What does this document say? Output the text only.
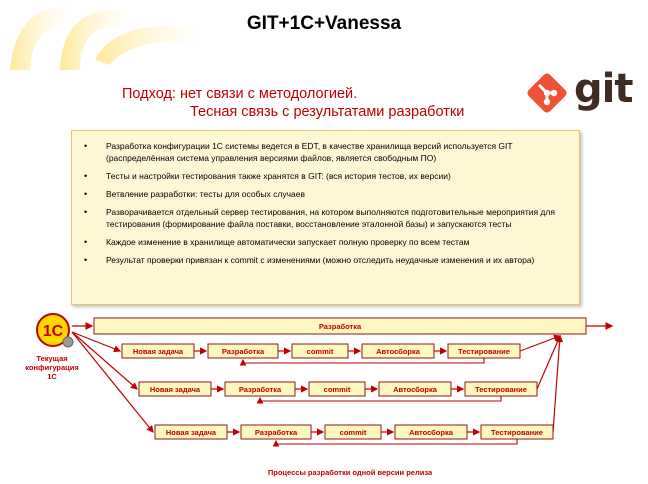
GIT+1C+Vanessa
Подход: нет связи с методологией.
Тесная связь с результатами разработки	git
• Разработка конфигурации 1С системы ведется в EDT, в качестве хранилища версий используется GIT (распределённая система управления версиями файлов, является свободным ПО)
• Тесты и настройки тестирования также хранятся в GIT: (вся история тестов, их версии)
• Ветвление разработки: тесты для особых случаев
• Разворачивается отдельный сервер тестирования, на котором выполняются подготовительные мероприятия для тестирования (формирование файла поставки, восстановление эталонной базы) и запускаются тесты
• Каждое изменение в хранилище автоматически запускает полную проверку по всем тестам
• Результат проверки привязан к commit с изменениями (можно отследить неудачные изменения и их автора)
1С	Разработка
Новая задача	Разработка	commit	Автосборка	Тестирование
Новая задача	Разработка	commit	Автосборка	Тестирование
Новая задача	Разработка	commit	Автосборка	Тестирование
Текущая конфигурация 1С
Процессы разработки одной версии релиза
